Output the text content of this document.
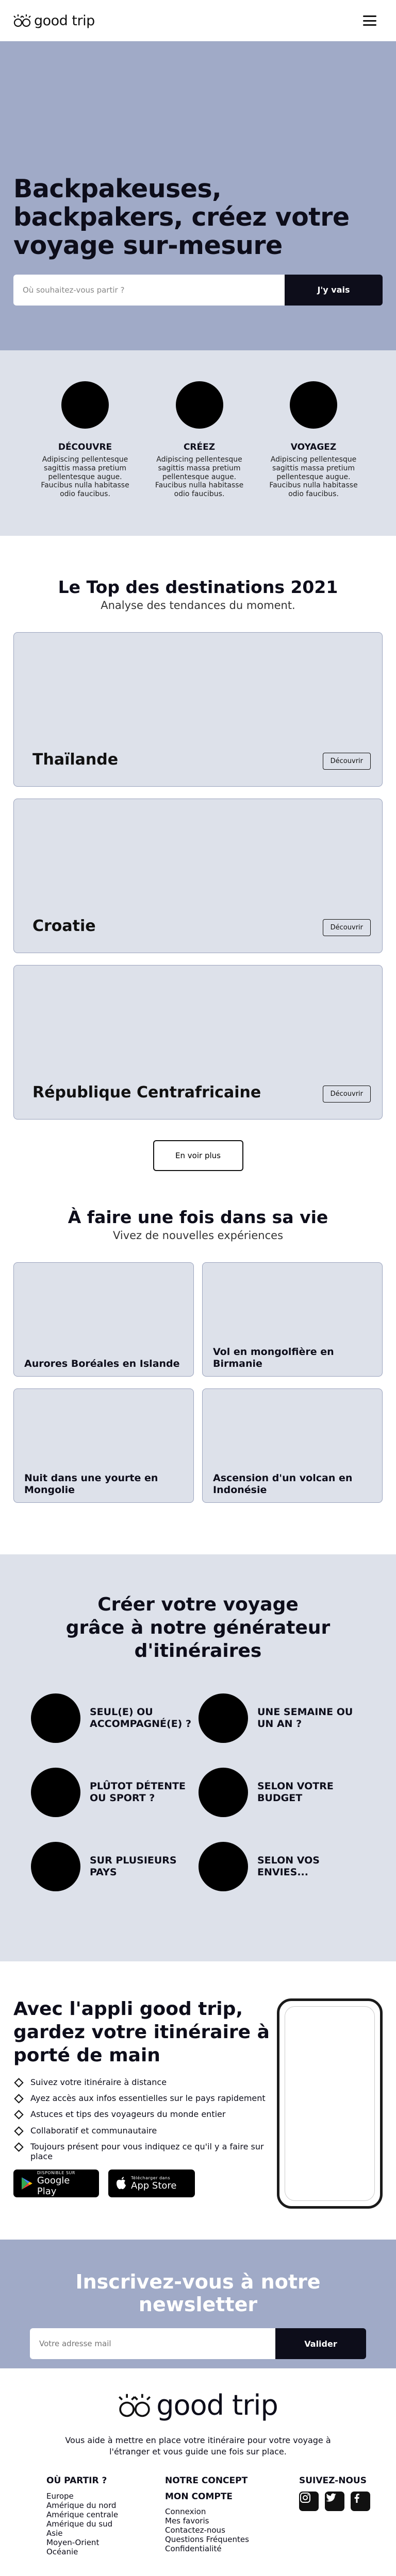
good trip
Backpakeuses, backpakers, créez votre voyage sur-mesure
Où souhaitez-vous partir ?
J'y vais
DÉCOUVRE
Adipiscing pellentesque sagittis massa pretium pellentesque augue. Faucibus nulla habitasse odio faucibus.
CRÉEZ
Adipiscing pellentesque sagittis massa pretium pellentesque augue. Faucibus nulla habitasse odio faucibus.
VOYAGEZ
Adipiscing pellentesque sagittis massa pretium pellentesque augue. Faucibus nulla habitasse odio faucibus.
Le Top des destinations 2021

Analyse des tendances du moment.

Thaïlande	Découvrir
Croatie	Découvrir
République Centrafricaine	Découvrir
En voir plus
À faire une fois dans sa vie

Vivez de nouvelles expériences

Aurores Boréales en Islande
Vol en mongolfière en Birmanie
Nuit dans une yourte en Mongolie
Ascension d'un volcan en Indonésie
Créer votre voyage
grâce à notre générateur d'itinéraires
SEUL(E) OU ACCOMPAGNÉ(E) ?
UNE SEMAINE OU UN AN ?
PLÛTOT DÉTENTE OU SPORT ?
SELON VOTRE BUDGET
SUR PLUSIEURS PAYS
SELON VOS ENVIES...
Avec l'appli good trip, gardez votre itinéraire à porté de main
Suivez votre itinéraire à distance
Ayez accès aux infos essentielles sur le pays rapidement
Astuces et tips des voyageurs du monde entier
Collaboratif et communautaire
Toujours présent pour vous indiquez ce qu'il y a faire sur place
DISPONIBLE SUR
Google Play
Télécharger dans
App Store
Inscrivez-vous à notre newsletter
Votre adresse mail
Valider
good trip

Vous aide à mettre en place votre itinéraire pour votre voyage à l'étranger et vous guide une fois sur place.

OÙ PARTIR ?
Europe
Amérique du nord
Amérique centrale
Amérique du sud
Asie
Moyen-Orient
Océanie
NOTRE CONCEPT
MON COMPTE
Connexion
Mes favoris
Contactez-nous
Questions Fréquentes
Confidentialité
SUIVEZ-NOUS
